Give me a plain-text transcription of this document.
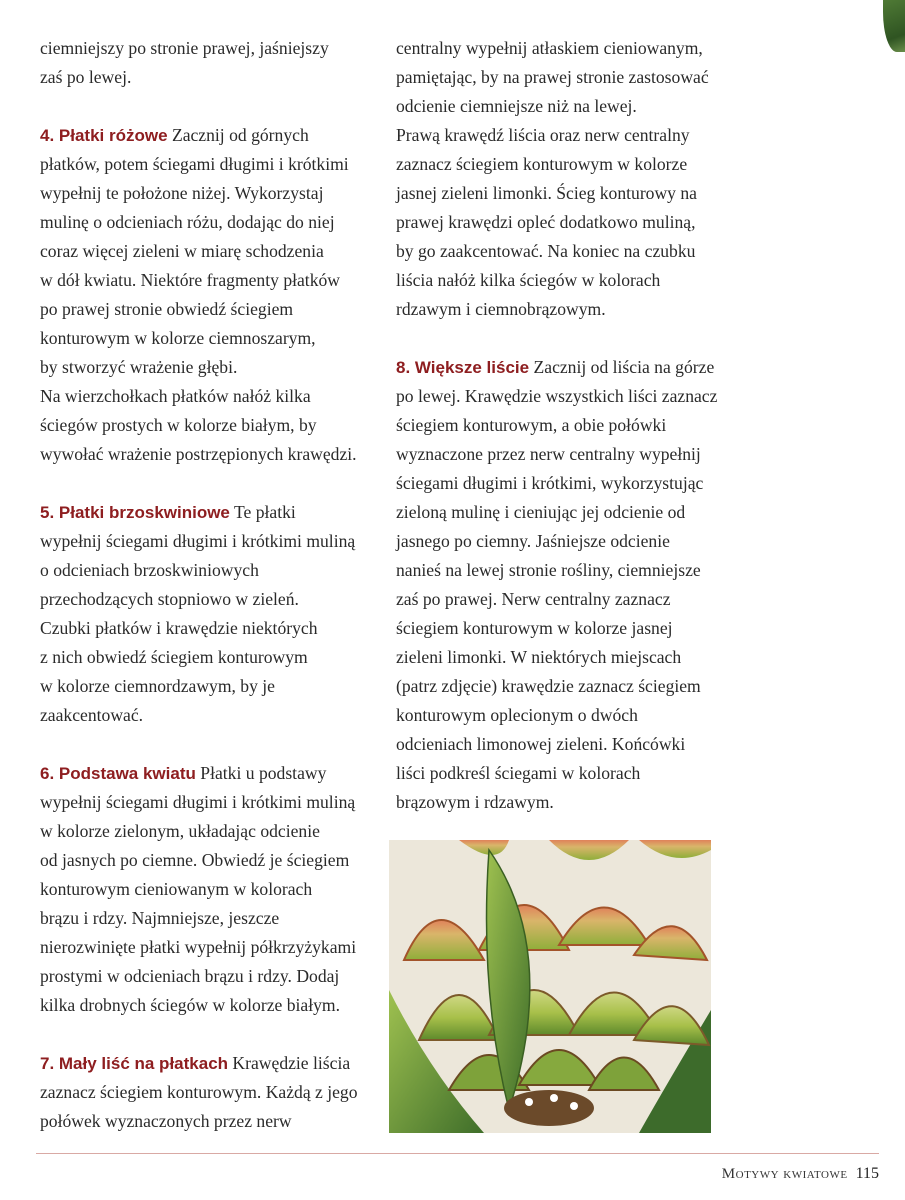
ciemniejszy po stronie prawej, jaśniejszy

zaś po lewej.

4. Płatki różowe Zacznij od górnych

płatków, potem ściegami długimi i krótkimi

wypełnij te położone niżej. Wykorzystaj

mulinę o odcieniach różu, dodając do niej

coraz więcej zieleni w miarę schodzenia

w dół kwiatu. Niektóre fragmenty płatków

po prawej stronie obwiedź ściegiem

konturowym w kolorze ciemnoszarym,

by stworzyć wrażenie głębi.

Na wierzchołkach płatków nałóż kilka

ściegów prostych w kolorze białym, by

wywołać wrażenie postrzępionych krawędzi.

5. Płatki brzoskwiniowe Te płatki

wypełnij ściegami długimi i krótkimi muliną

o odcieniach brzoskwiniowych

przechodzących stopniowo w zieleń.

Czubki płatków i krawędzie niektórych

z nich obwiedź ściegiem konturowym

w kolorze ciemnordzawym, by je

zaakcentować.

6. Podstawa kwiatu Płatki u podstawy

wypełnij ściegami długimi i krótkimi muliną

w kolorze zielonym, układając odcienie

od jasnych po ciemne. Obwiedź je ściegiem

konturowym cieniowanym w kolorach

brązu i rdzy. Najmniejsze, jeszcze

nierozwinięte płatki wypełnij półkrzyżykami

prostymi w odcieniach brązu i rdzy. Dodaj

kilka drobnych ściegów w kolorze białym.

7. Mały liść na płatkach Krawędzie liścia

zaznacz ściegiem konturowym. Każdą z jego

połówek wyznaczonych przez nerw

centralny wypełnij atłaskiem cieniowanym,

pamiętając, by na prawej stronie zastosować

odcienie ciemniejsze niż na lewej.

Prawą krawędź liścia oraz nerw centralny

zaznacz ściegiem konturowym w kolorze

jasnej zieleni limonki. Ścieg konturowy na

prawej krawędzi opleć dodatkowo muliną,

by go zaakcentować. Na koniec na czubku

liścia nałóż kilka ściegów w kolorach

rdzawym i ciemnobrązowym.

8. Większe liście Zacznij od liścia na górze

po lewej. Krawędzie wszystkich liści zaznacz

ściegiem konturowym, a obie połówki

wyznaczone przez nerw centralny wypełnij

ściegami długimi i krótkimi, wykorzystując

zieloną mulinę i cieniując jej odcienie od

jasnego po ciemny. Jaśniejsze odcienie

nanieś na lewej stronie rośliny, ciemniejsze

zaś po prawej. Nerw centralny zaznacz

ściegiem konturowym w kolorze jasnej

zieleni limonki. W niektórych miejscach

(patrz zdjęcie) krawędzie zaznacz ściegiem

konturowym oplecionym o dwóch

odcieniach limonowej zieleni. Końcówki

liści podkreśl ściegami w kolorach

brązowym i rdzawym.

Motywy kwiatowe 115
